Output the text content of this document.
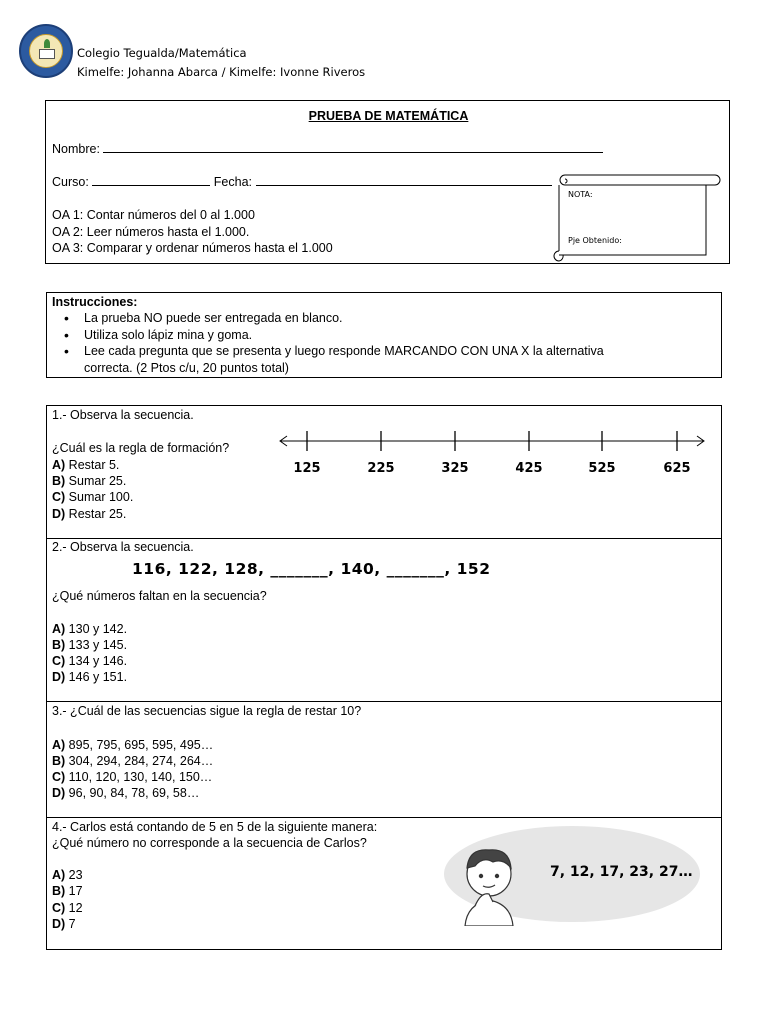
Colegio Tegualda/Matemática
Kimelfe: Johanna Abarca / Kimelfe: Ivonne Riveros
PRUEBA DE MATEMÁTICA
Nombre:
Curso:	Fecha:
OA 1: Contar números del 0 al 1.000
OA 2: Leer números hasta el 1.000.
OA 3: Comparar y ordenar números hasta el 1.000
NOTA:
Pje Obtenido:
Instrucciones:
• La prueba NO puede ser entregada en blanco.
• Utiliza solo lápiz mina y goma.
• Lee cada pregunta que se presenta y luego responde MARCANDO CON UNA X la alternativa
correcta. (2 Ptos c/u, 20 puntos total)
1.- Observa la secuencia.
¿Cuál es la regla de formación?
A) Restar 5.
B) Sumar 25.
C) Sumar 100.
D) Restar 25.
125	225	325	425	525	625
2.- Observa la secuencia.
116, 122, 128, _______, 140, _______, 152
¿Qué números faltan en la secuencia?
A) 130 y 142.
B) 133 y 145.
C) 134 y 146.
D) 146 y 151.
3.- ¿Cuál de las secuencias sigue la regla de restar 10?
A) 895, 795, 695, 595, 495…
B) 304, 294, 284, 274, 264…
C) 110, 120, 130, 140, 150…
D) 96, 90, 84, 78, 69, 58…
4.- Carlos está contando de 5 en 5 de la siguiente manera:
¿Qué número no corresponde a la secuencia de Carlos?
A) 23
B) 17
C) 12
D) 7
7, 12, 17, 23, 27…
